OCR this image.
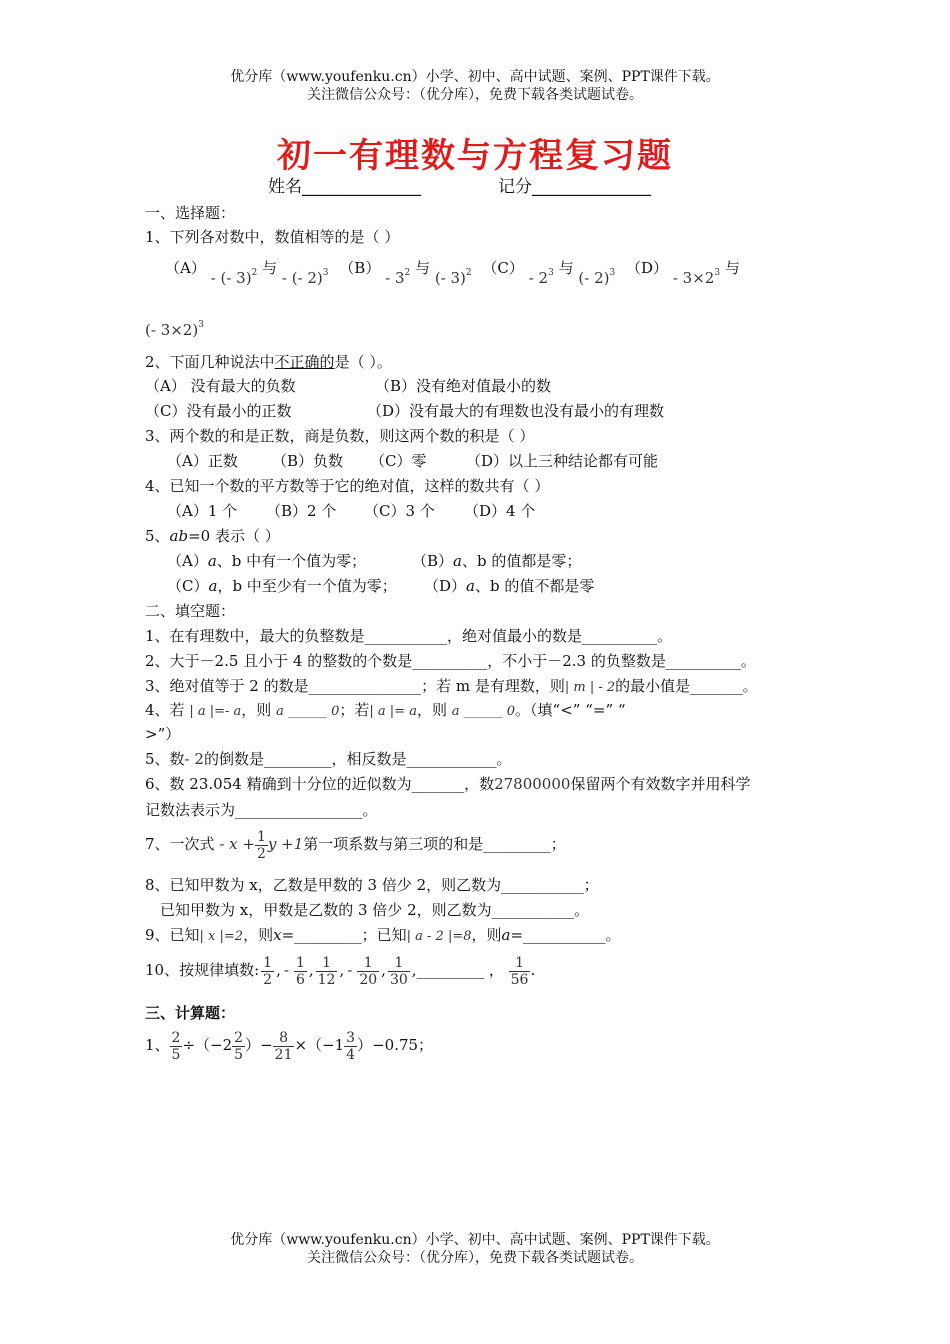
优分库（www.youfenku.cn）小学、初中、高中试题、案例、PPT课件下载。
关注微信公众号：（优分库），免费下载各类试题试卷。
初一有理数与方程复习题
姓名______________	记分______________
一、选择题：
1、下列各对数中，数值相等的是（ ）
（A） - (- 3)$^2$ 与 - (- 2)$^3$ $(B) - 3^2$ 与 (- 3)$^2$ $(C) - 2^3$ 与 (- 2)$^3$ $(D) - 3\times 2^3$ 与
(- 3×2)$^3$
2、下面几种说法中不正确的是（ ）。
（A） 没有最大的负数	（B）没有绝对值最小的数
（C）没有最小的正数	（D）没有最大的有理数也没有最小的有理数
3、两个数的和是正数，商是负数，则这两个数的积是（ ）
（A）正数 （B）负数 （C）零	（D）以上三种结论都有可能
4、已知一个数的平方数等于它的绝对值，这样的数共有（ ）
（A）1 个 （B）2 个 （C）3 个 （D）4 个
5、ab=0 表示（ ）
（A）a、b 中有一个值为零；	（B）a、b 的值都是零；
（C）a，b 中至少有一个值为零； （D）a、b 的值不都是零
二、填空题：
1、在有理数中，最大的负整数是___________，绝对值最小的数是__________。
2、大于－2.5 且小于 4 的整数的个数是__________，不小于－2.3 的负整数是__________。
3、绝对值等于 2 的数是_______________；若 m 是有理数，则| m | - 2的最小值是_______。
4、若 | a |=- a，则 a ______ 0；若| a |= a，则 a ______ 0。（填“<” “=” “
>”）
5、数- 2的倒数是_________，相反数是____________。
6、数 23.054 精确到十分位的近似数为_______，数27800000保留两个有效数字并用科学
记数法表示为_________________。
7、一次式 - $x + \frac{1}{2}$ y +1第一项系数与第三项的和是_________；
8、已知甲数为 x，乙数是甲数的 3 倍少 2，则乙数为___________；
已知甲数为 x，甲数是乙数的 3 倍少 2，则乙数为___________。
9、已知| x |=2，则x=_________；已知| a - 2 |=8，则a=___________。
10、按规律填数: $\frac{1}{2}$ , - $\frac{1}{6}$ , $\frac{1}{12}$ , - $\frac{1}{20}$ , $\frac{1}{30}$ ,_________ ， $\frac{1}{56}$ .
三、计算题：
1、 $\frac{2}{5} \div(-2 \frac{2}{5}$ ）− $\frac{8}{21} \times(-1 \frac{3}{4} )-0.75$；
优分库（www.youfenku.cn）小学、初中、高中试题、案例、PPT课件下载。
关注微信公众号：（优分库），免费下载各类试题试卷。
